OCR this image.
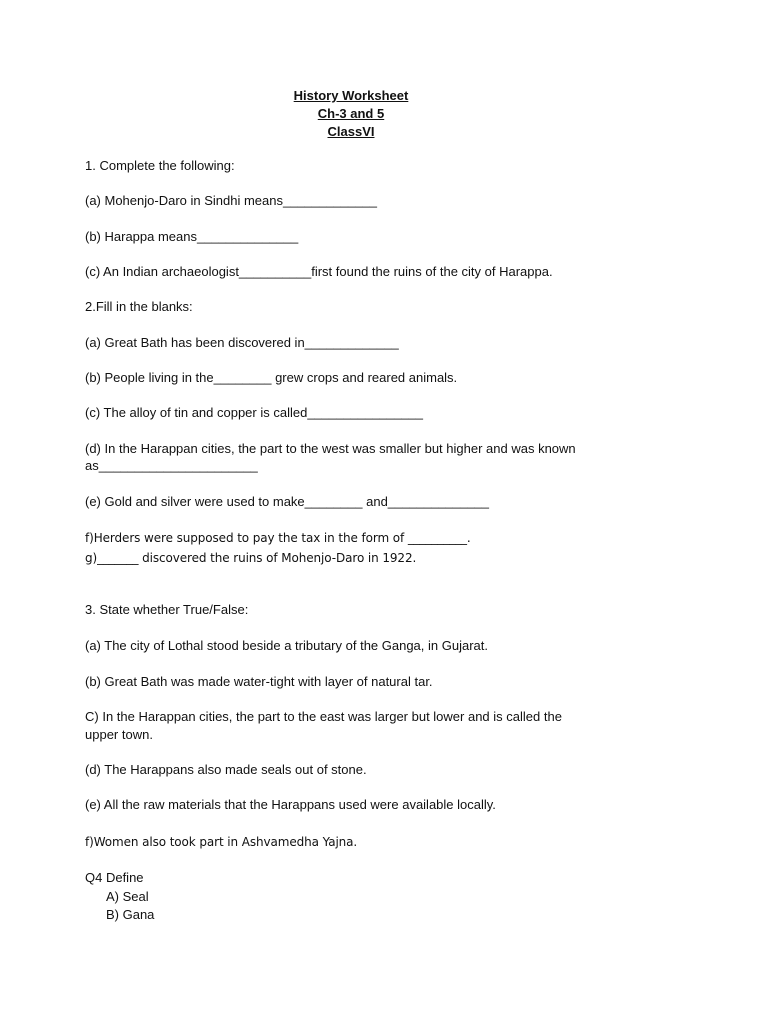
History Worksheet
Ch-3 and 5
ClassVI
1. Complete the following:
(a) Mohenjo-Daro in Sindhi means_____________
(b) Harappa means______________
(c) An Indian archaeologist__________first found the ruins of the city of Harappa.
2.Fill in the blanks:
(a) Great Bath has been discovered in_____________
(b) People living in the________ grew crops and reared animals.
(c) The alloy of tin and copper is called________________
(d) In the Harappan cities, the part to the west was smaller but higher and was known
as______________________
(e) Gold and silver were used to make________ and______________
f)Herders were supposed to pay the tax in the form of __________.
g)_______ discovered the ruins of Mohenjo-Daro in 1922.
3. State whether True/False:
(a) The city of Lothal stood beside a tributary of the Ganga, in Gujarat.
(b) Great Bath was made water-tight with layer of natural tar.
C) In the Harappan cities, the part to the east was larger but lower and is called the
upper town.
(d) The Harappans also made seals out of stone.
(e) All the raw materials that the Harappans used were available locally.
f)Women also took part in Ashvamedha Yajna.
Q4 Define
A) Seal
B) Gana
